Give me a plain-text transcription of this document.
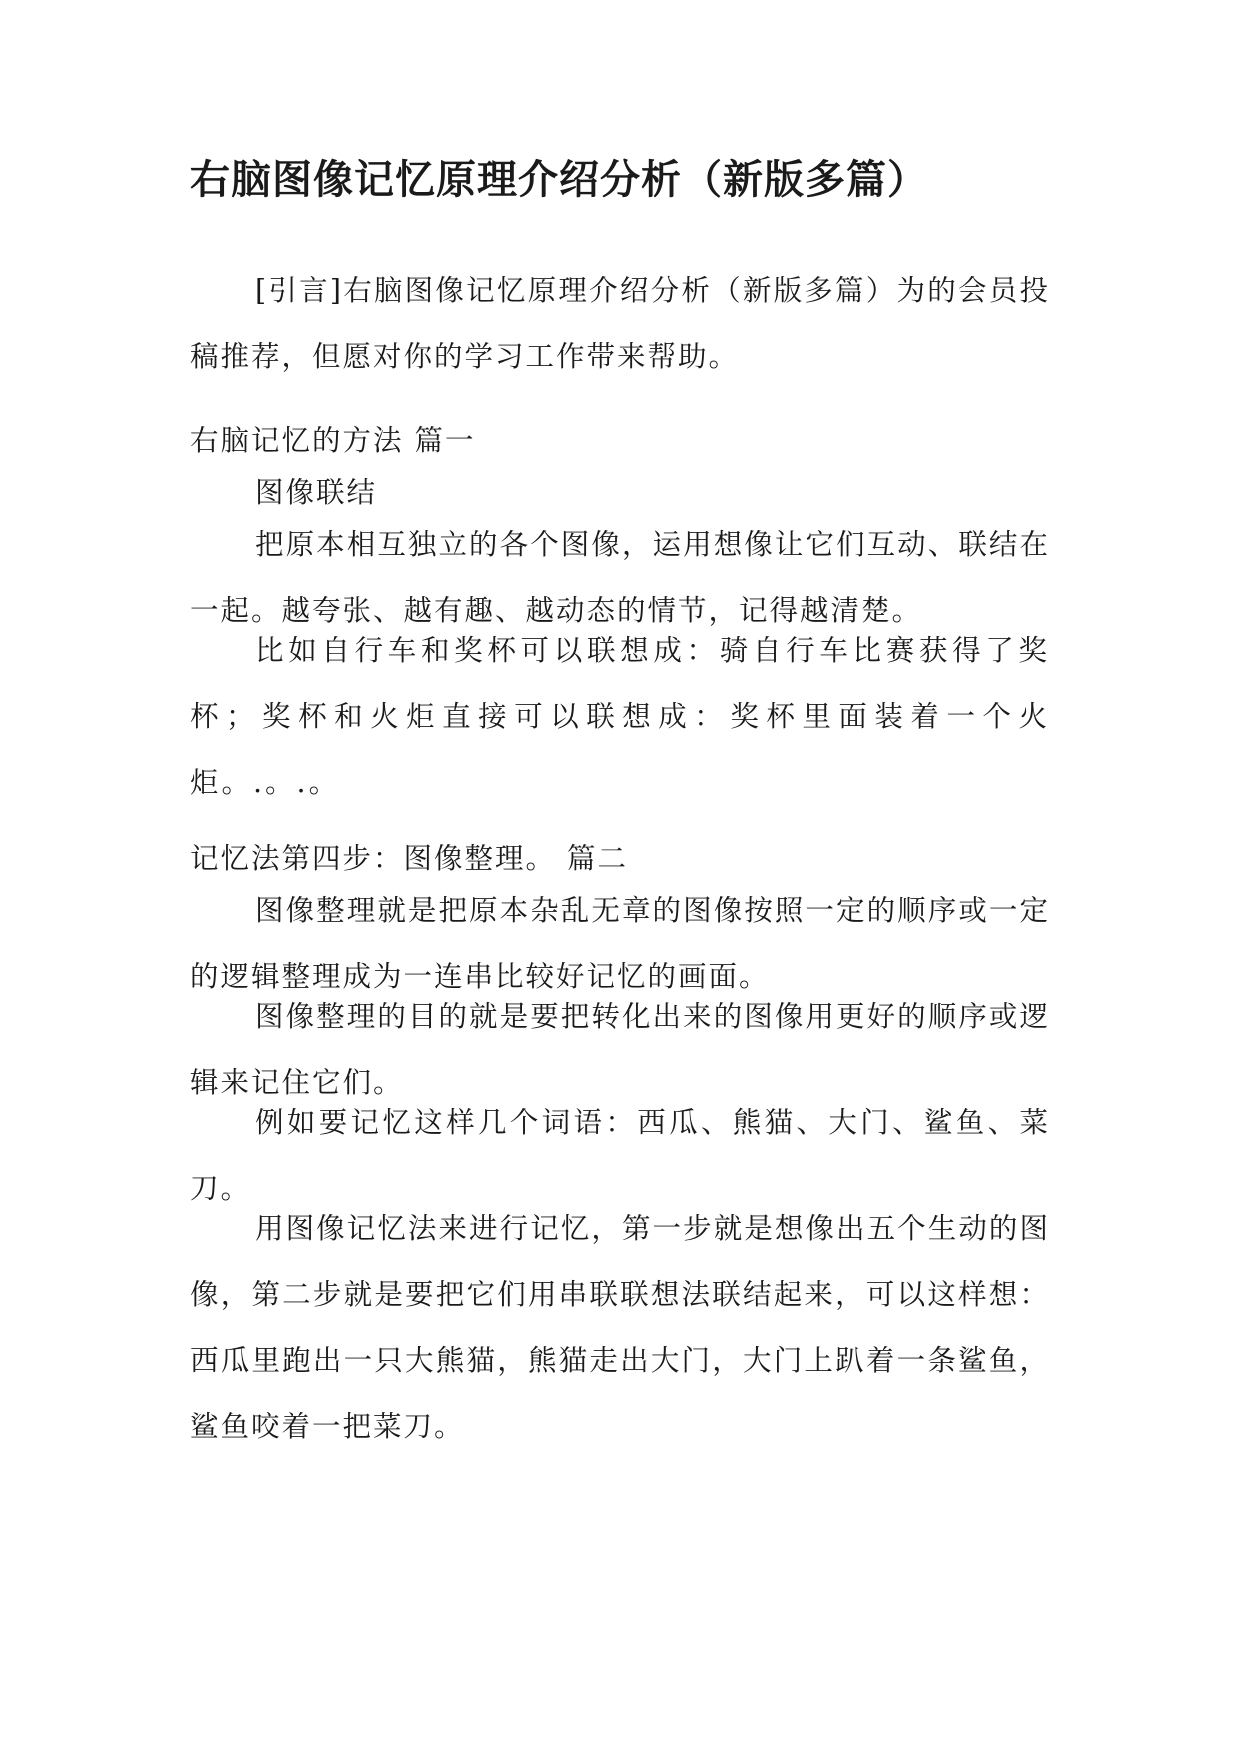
右脑图像记忆原理介绍分析（新版多篇）

[引言]右脑图像记忆原理介绍分析（新版多篇）为的会员投稿推荐，但愿对你的学习工作带来帮助。

右脑记忆的方法 篇一

图像联结

把原本相互独立的各个图像，运用想像让它们互动、联结在一起。越夸张、越有趣、越动态的情节，记得越清楚。

比如自行车和奖杯可以联想成：骑自行车比赛获得了奖杯；奖杯和火炬直接可以联想成：奖杯里面装着一个火炬。.。.。

记忆法第四步：图像整理。 篇二

图像整理就是把原本杂乱无章的图像按照一定的顺序或一定的逻辑整理成为一连串比较好记忆的画面。

图像整理的目的就是要把转化出来的图像用更好的顺序或逻辑来记住它们。

例如要记忆这样几个词语：西瓜、熊猫、大门、鲨鱼、菜刀。

用图像记忆法来进行记忆，第一步就是想像出五个生动的图像，第二步就是要把它们用串联联想法联结起来，可以这样想：西瓜里跑出一只大熊猫，熊猫走出大门，大门上趴着一条鲨鱼，鲨鱼咬着一把菜刀。
